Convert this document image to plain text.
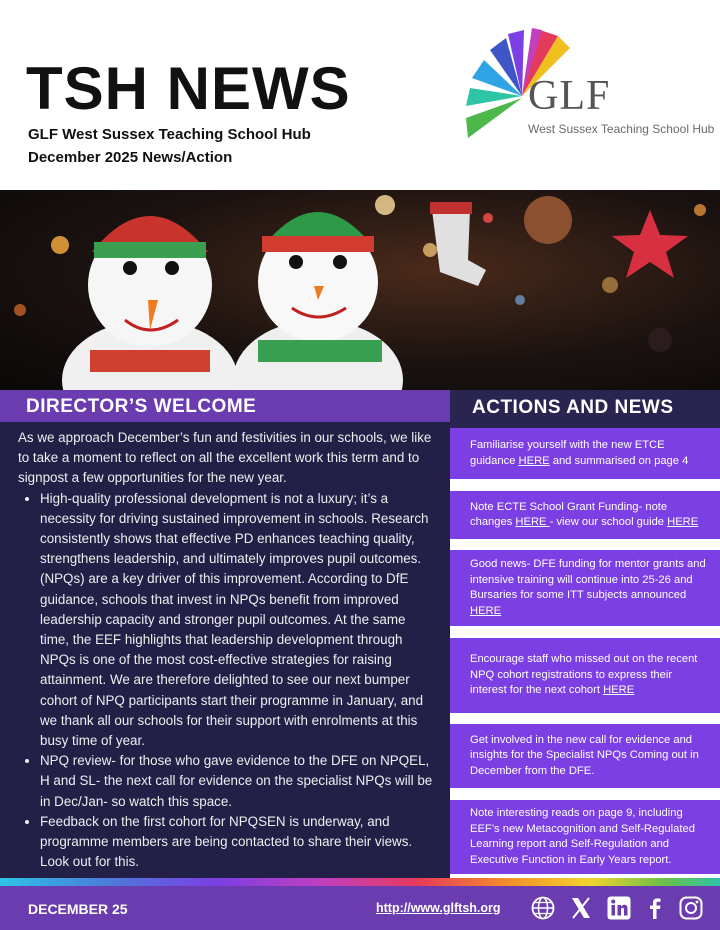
TSH NEWS
GLF West Sussex Teaching School Hub
December 2025 News/Action
GLF
West Sussex Teaching School Hub
DIRECTOR’S WELCOME

As we approach December’s fun and festivities in our schools, we like to take a moment to reflect on all the excellent work this term and to signpost a few opportunities for the new year.

• High-quality professional development is not a luxury; it’s a necessity for driving sustained improvement in schools. Research consistently shows that effective PD enhances teaching quality, strengthens leadership, and ultimately improves pupil outcomes. (NPQs) are a key driver of this improvement. According to DfE guidance, schools that invest in NPQs benefit from improved leadership capacity and stronger pupil outcomes. At the same time, the EEF highlights that leadership development through NPQs is one of the most cost-effective strategies for raising attainment. We are therefore delighted to see our next bumper cohort of NPQ participants start their programme in January, and we thank all our schools for their support with enrolments at this busy time of year.
• NPQ review- for those who gave evidence to the DFE on NPQEL, H and SL- the next call for evidence on the specialist NPQs will be in Dec/Jan- so watch this space.
• Feedback on the first cohort for NPQSEN is underway, and programme members are being contacted to share their views. Look out for this.
ACTIONS AND NEWS
Familiarise yourself with the new ETCE guidance HERE and summarised on page 4
Note ECTE School Grant Funding- note changes HERE - view our school guide HERE
Good news- DFE funding for mentor grants and intensive training will continue into 25-26 and Bursaries for some ITT subjects announced HERE
Encourage staff who missed out on the recent NPQ cohort registrations to express their interest for the next cohort HERE
Get involved in the new call for evidence and insights for the Specialist NPQs Coming out in December from the DFE.
Note interesting reads on page 9, including EEF’s new Metacognition and Self-Regulated Learning report and Self-Regulation and Executive Function in Early Years report.
DECEMBER 25	http://www.glftsh.org
